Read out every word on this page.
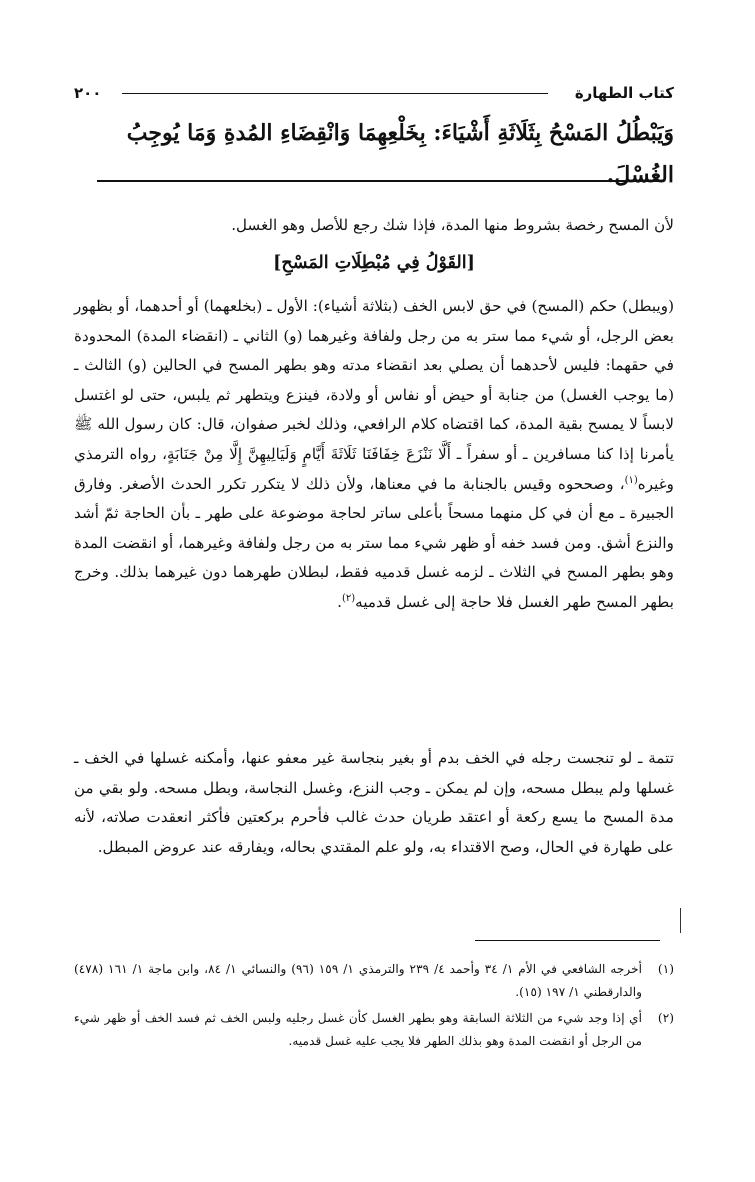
٢٠٠	كتاب الطهارة

وَيَبْطُلُ المَسْحُ بِثَلَاثَةِ أَشْيَاءَ: بِخَلْعِهِمَا وَانْقِضَاءِ المُدةِ وَمَا يُوجِبُ الغُسْلَ.

لأن المسح رخصة بشروط منها المدة، فإذا شك رجع للأصل وهو الغسل.

[القَوْلُ فِي مُبْطِلَاتِ المَسْحِ]

(ويبطل) حكم (المسح) في حق لابس الخف (بثلاثة أشياء): الأول ـ (بخلعهما) أو أحدهما، أو بظهور بعض الرجل، أو شيء مما ستر به من رجل ولفافة وغيرهما (و) الثاني ـ (انقضاء المدة) المحدودة في حقهما: فليس لأحدهما أن يصلي بعد انقضاء مدته وهو بطهر المسح في الحالين (و) الثالث ـ (ما يوجب الغسل) من جنابة أو حيض أو نفاس أو ولادة، فينزع ويتطهر ثم يلبس، حتى لو اغتسل لابساً لا يمسح بقية المدة، كما اقتضاه كلام الرافعي، وذلك لخبر صفوان، قال: كان رسول الله ﷺ يأمرنا إذا كنا مسافرين ـ أو سفراً ـ أَلَّا نَنْزَعَ خِفَافَنَا ثَلَاثَةَ أَيَّامٍ وَلَيَالِيهِنَّ إِلَّا مِنْ جَنَابَةٍ، رواه الترمذي وغيره$^{(١)}$، وصححوه وقيس بالجنابة ما في معناها، ولأن ذلك لا يتكرر تكرر الحدث الأصغر. وفارق الجبيرة ـ مع أن في كل منهما مسحاً بأعلى ساتر لحاجة موضوعة على طهر ـ بأن الحاجة ثمّ أشد والنزع أشق. ومن فسد خفه أو ظهر شيء مما ستر به من رجل ولفافة وغيرهما، أو انقضت المدة وهو بطهر المسح في الثلاث ـ لزمه غسل قدميه فقط، لبطلان طهرهما دون غيرهما بذلك. وخرج بطهر المسح طهر الغسل فلا حاجة إلى غسل قدميه$^{(٢)}$.

تتمة ـ لو تنجست رجله في الخف بدم أو بغير بنجاسة غير معفو عنها، وأمكنه غسلها في الخف ـ غسلها ولم يبطل مسحه، وإن لم يمكن ـ وجب النزع، وغسل النجاسة، وبطل مسحه. ولو بقي من مدة المسح ما يسع ركعة أو اعتقد طريان حدث غالب فأحرم بركعتين فأكثر انعقدت صلاته، لأنه على طهارة في الحال، وصح الاقتداء به، ولو علم المقتدي بحاله، ويفارقه عند عروض المبطل.

(١)
أخرجه الشافعي في الأم ١/ ٣٤ وأحمد ٤/ ٢٣٩ والترمذي ١/ ١٥٩ (٩٦) والنسائي ١/ ٨٤، وابن ماجة ١/ ١٦١ (٤٧٨) والدارقطني ١/ ١٩٧ (١٥).

(٢)
أي إذا وجد شيء من الثلاثة السابقة وهو بطهر الغسل كأن غسل رجليه ولبس الخف ثم فسد الخف أو ظهر شيء من الرجل أو انقضت المدة وهو بذلك الطهر فلا يجب عليه غسل قدميه.
